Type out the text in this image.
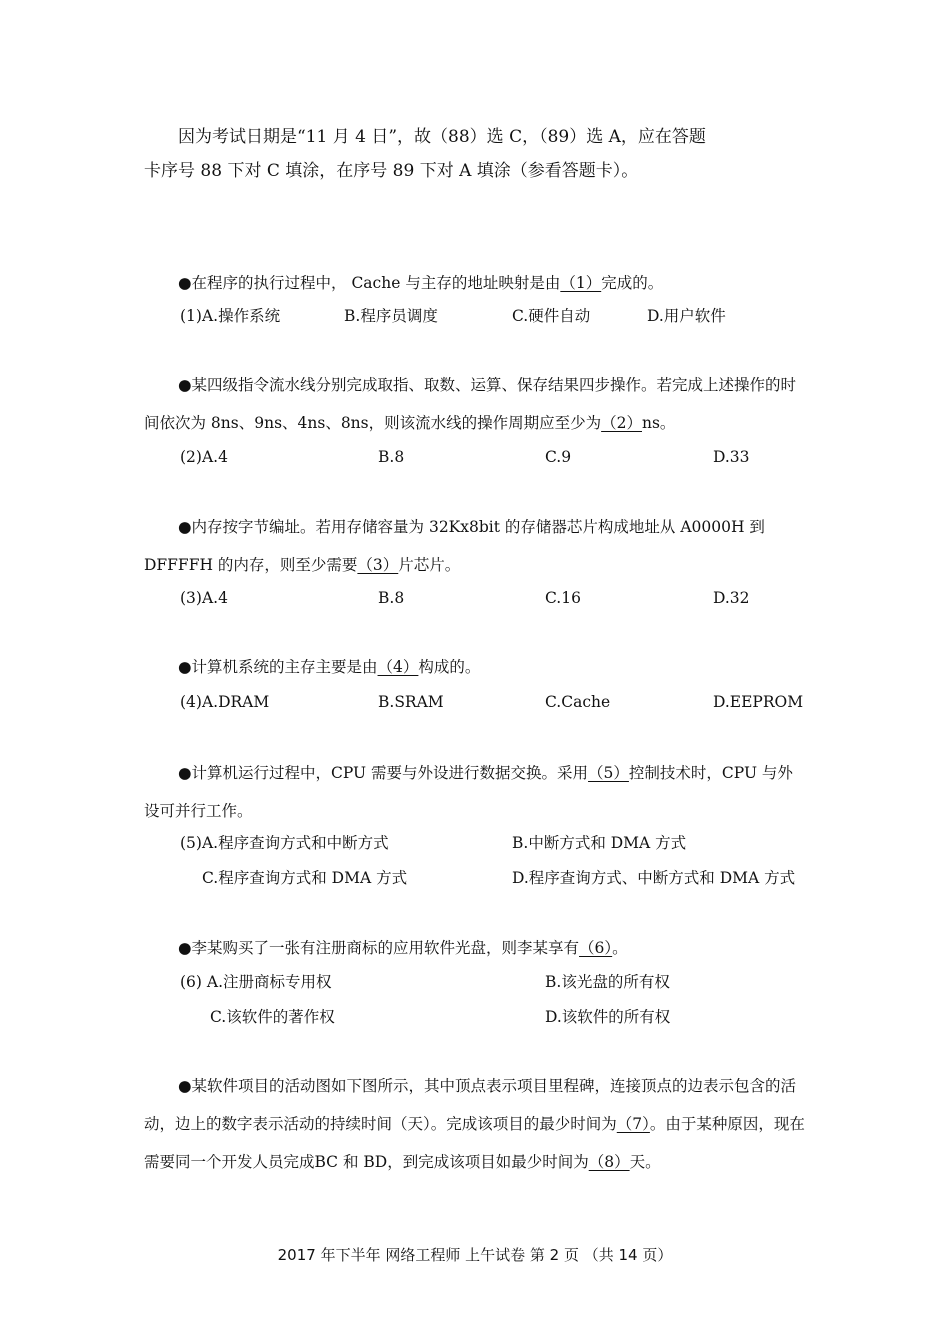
因为考试日期是“11 月 4 日”，故（88）选 C，（89）选 A，应在答题
卡序号 88 下对 C 填涂，在序号 89 下对 A 填涂（参看答题卡）。

●在程序的执行过程中， Cache 与主存的地址映射是由（1）完成的。

(1)A.操作系统	B.程序员调度	C.硬件自动	D.用户软件

●某四级指令流水线分别完成取指、取数、运算、保存结果四步操作。若完成上述操作的时间依次为 8ns、9ns、4ns、8ns，则该流水线的操作周期应至少为（2）ns。

(2)A.4	B.8	C.9	D.33

●内存按字节编址。若用存储容量为 32Kx8bit 的存储器芯片构成地址从 A0000H 到 DFFFFH 的内存，则至少需要（3）片芯片。

(3)A.4	B.8	C.16	D.32

●计算机系统的主存主要是由（4）构成的。

(4)A.DRAM	B.SRAM	C.Cache	D.EEPROM

●计算机运行过程中，CPU 需要与外设进行数据交换。采用（5）控制技术时，CPU 与外设可并行工作。

(5)A.程序查询方式和中断方式	B.中断方式和 DMA 方式
C.程序查询方式和 DMA 方式	D.程序查询方式、中断方式和 DMA 方式

●李某购买了一张有注册商标的应用软件光盘，则李某享有（6）。

(6) A.注册商标专用权	B.该光盘的所有权
C.该软件的著作权	D.该软件的所有权

●某软件项目的活动图如下图所示，其中顶点表示项目里程碑，连接顶点的边表示包含的活动，边上的数字表示活动的持续时间（天）。完成该项目的最少时间为（7）。由于某种原因，现在需要同一个开发人员完成BC 和 BD，到完成该项目如最少时间为（8）天。

2017 年下半年 网络工程师 上午试卷 第 2 页 （共 14 页）
